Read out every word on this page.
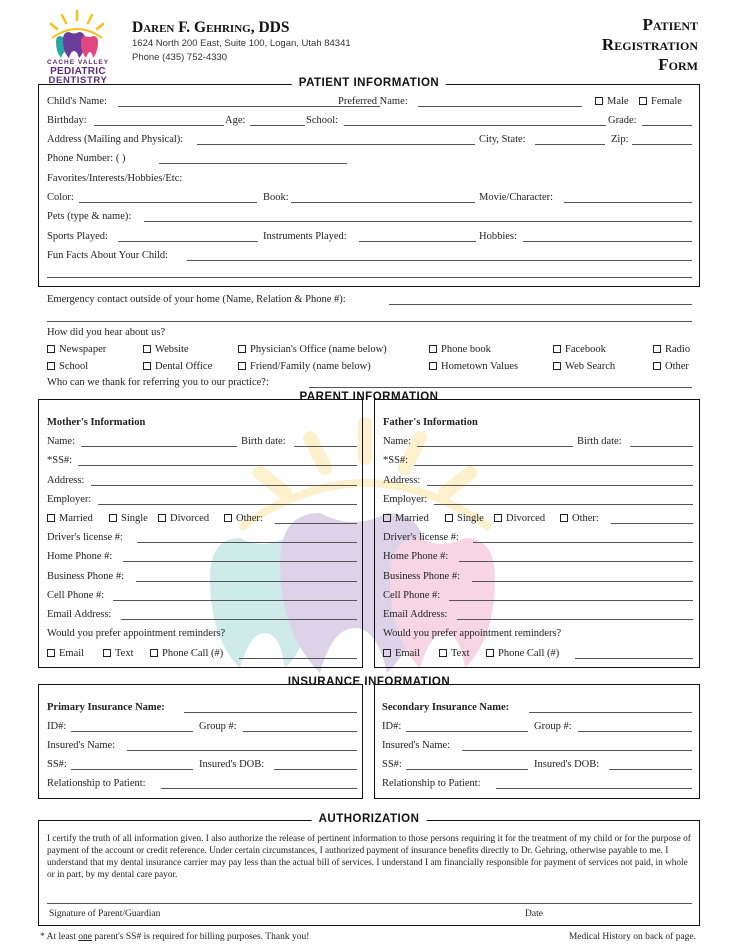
CACHE VALLEY
PEDIATRIC
DENTISTRY
Daren F. Gehring, DDS
1624 North 200 East, Suite 100, Logan, Utah 84341
Phone (435) 752-4330
Patient
Registration
Form
PATIENT INFORMATION
Child's Name:	Preferred Name:	Male	Female
Birthday:	Age:	School:	Grade:
Address (Mailing and Physical):	City, State:	Zip:
Phone Number: ( )
Favorites/Interests/Hobbies/Etc:
Color:	Book:	Movie/Character:
Pets (type & name):
Sports Played:	Instruments Played:	Hobbies:
Fun Facts About Your Child:
Emergency contact outside of your home (Name, Relation & Phone #):
How did you hear about us?
Newspaper	Website	Physician's Office (name below)	Phone book	Facebook	Radio
School	Dental Office	Friend/Family (name below)	Hometown Values	Web Search	Other
Who can we thank for referring you to our practice?:
PARENT INFORMATION
Mother's Information
Name:	Birth date:
*SS#:
Address:
Employer:
Married	Single	Divorced	Other:
Driver's license #:
Home Phone #:
Business Phone #:
Cell Phone #:
Email Address:
Would you prefer appointment reminders?
Email	Text	Phone Call (#)
Father's Information
Name:	Birth date:
*SS#:
Address:
Employer:
Married	Single	Divorced	Other:
Driver's license #:
Home Phone #:
Business Phone #:
Cell Phone #:
Email Address:
Would you prefer appointment reminders?
Email	Text	Phone Call (#)
INSURANCE INFORMATION
Primary Insurance Name:
ID#:	Group #:
Insured's Name:
SS#:	Insured's DOB:
Relationship to Patient:
Secondary Insurance Name:
ID#:	Group #:
Insured's Name:
SS#:	Insured's DOB:
Relationship to Patient:
AUTHORIZATION
I certify the truth of all information given. I also authorize the release of pertinent information to those persons requiring it for the treatment of my child or for the purpose of payment of the account or credit reference. Under certain circumstances, I authorized payment of insurance benefits directly to Dr. Gehring, otherwise payable to me. I understand that my dental insurance carrier may pay less than the actual bill of services. I understand I am financially responsible for payment of services not paid, in whole or in part, by my dental care payor.
Signature of Parent/Guardian	Date
* At least one parent's SS# is required for billing purposes. Thank you!	Medical History on back of page.
